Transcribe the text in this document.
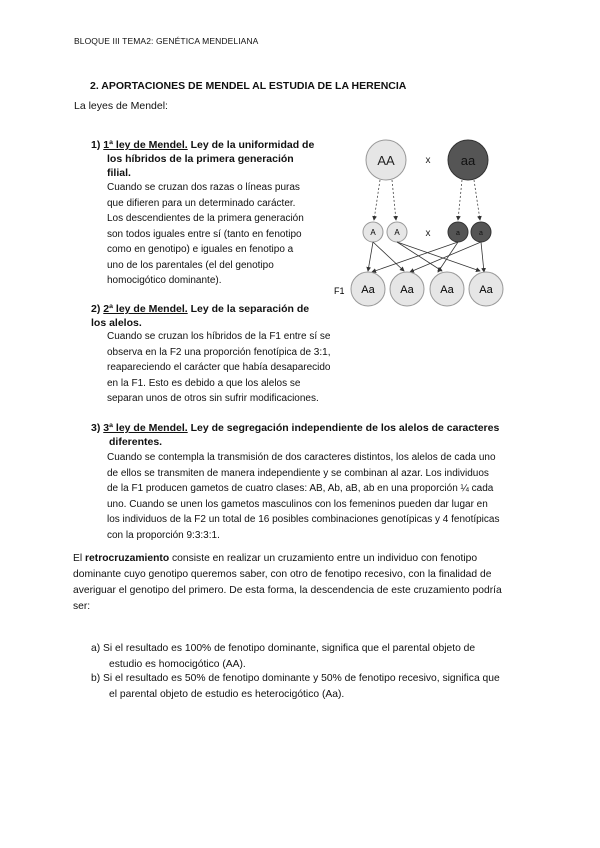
BLOQUE III TEMA2: GENÉTICA MENDELIANA
2. APORTACIONES DE MENDEL AL ESTUDIA DE LA HERENCIA
La leyes de Mendel:
1) 1ª ley de Mendel. Ley de la uniformidad de
los híbridos de la primera generación
filial.
Cuando se cruzan dos razas o líneas puras
que difieren para un determinado carácter.
Los descendientes de la primera generación
son todos iguales entre sí (tanto en fenotipo
como en genotipo) e iguales en fenotipo a
uno de los parentales (el del genotipo
homocigótico dominante).
AA	x aa
A A	x	a	a
F1 Aa Aa Aa Aa
2) 2ª ley de Mendel. Ley de la separación de
los alelos.
Cuando se cruzan los híbridos de la F1 entre sí se
observa en la F2 una proporción fenotípica de 3:1,
reapareciendo el carácter que había desaparecido
en la F1. Esto es debido a que los alelos se
separan unos de otros sin sufrir modificaciones.
3) 3ª ley de Mendel. Ley de segregación independiente de los alelos de caracteres
diferentes.
Cuando se contempla la transmisión de dos caracteres distintos, los alelos de cada uno
de ellos se transmiten de manera independiente y se combinan al azar. Los individuos
de la F1 producen gametos de cuatro clases: AB, Ab, aB, ab en una proporción ¼ cada
uno. Cuando se unen los gametos masculinos con los femeninos pueden dar lugar en
los individuos de la F2 un total de 16 posibles combinaciones genotípicas y 4 fenotípicas
con la proporción 9:3:3:1.
El retrocruzamiento consiste en realizar un cruzamiento entre un individuo con fenotipo
dominante cuyo genotipo queremos saber, con otro de fenotipo recesivo, con la finalidad de
averiguar el genotipo del primero. De esta forma, la descendencia de este cruzamiento podría
ser:
a) Si el resultado es 100% de fenotipo dominante, significa que el parental objeto de
estudio es homocigótico (AA).
b) Si el resultado es 50% de fenotipo dominante y 50% de fenotipo recesivo, significa que
el parental objeto de estudio es heterocigótico (Aa).
